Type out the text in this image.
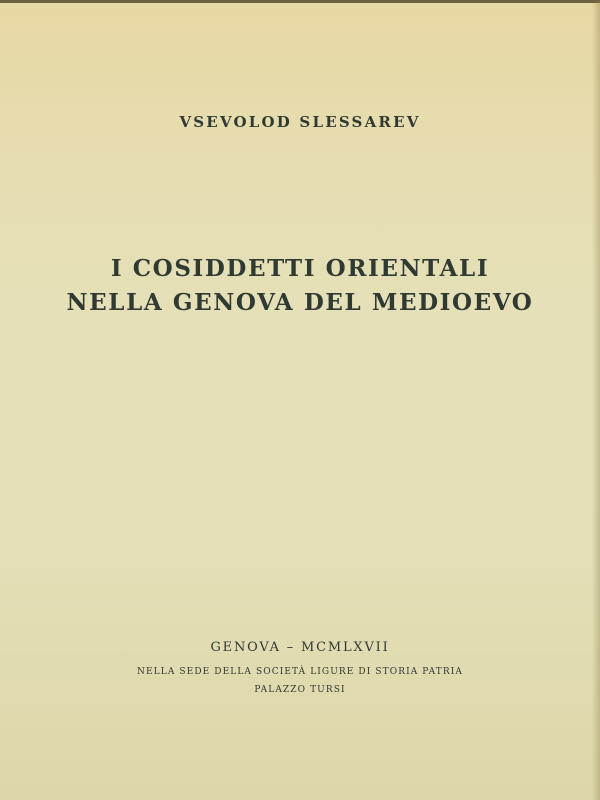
VSEVOLOD SLESSAREV
I COSIDDETTI ORIENTALI
NELLA GENOVA DEL MEDIOEVO
GENOVA – MCMLXVII
NELLA SEDE DELLA SOCIETÀ LIGURE DI STORIA PATRIA
PALAZZO TURSI
